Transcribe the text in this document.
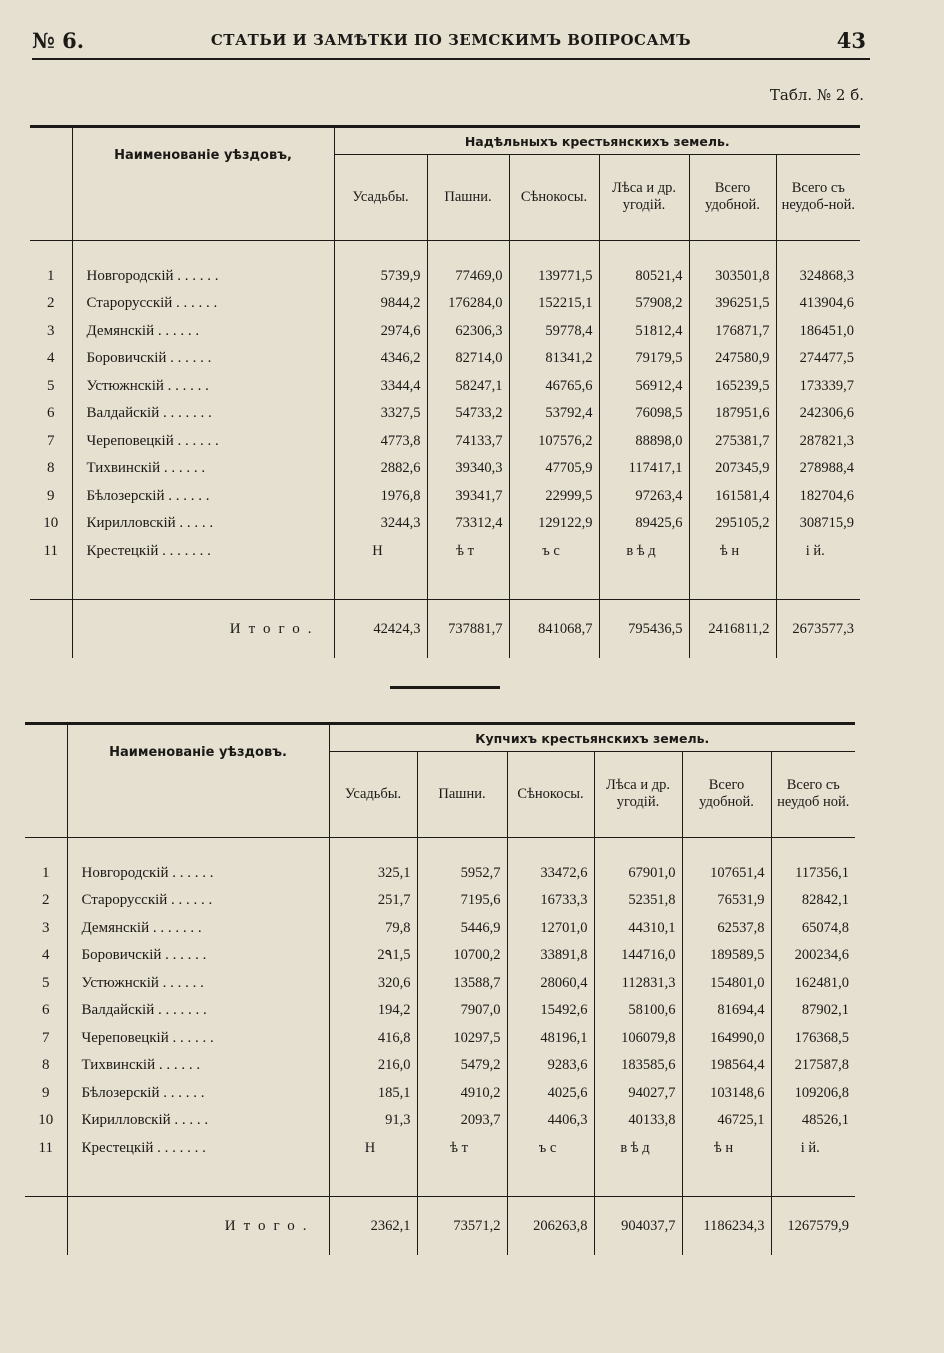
№ 6.	СТАТЬИ И ЗАМѢТКИ ПО ЗЕМСКИМЪ ВОПРОСАМЪ	43
Табл. № 2 б.
	Наименованіе уѣздовъ,	Надѣльныхъ крестьянскихъ земель.					
		Усадьбы.	Пашни.	Сѣнокосы.	Лѣса и др. угодій.	Всего удобной.	Всего съ неудоб-ной.

1	Новгородскій . . . . . .	5739,9	77469,0	139771,5	80521,4	303501,8	324868,3
2	Старорусскій . . . . . .	9844,2	176284,0	152215,1	57908,2	396251,5	413904,6
3	Демянскій . . . . . .	2974,6	62306,3	59778,4	51812,4	176871,7	186451,0
4	Боровичскій . . . . . .	4346,2	82714,0	81341,2	79179,5	247580,9	274477,5
5	Устюжнскій . . . . . .	3344,4	58247,1	46765,6	56912,4	165239,5	173339,7
6	Валдайскій . . . . . . .	3327,5	54733,2	53792,4	76098,5	187951,6	242306,6
7	Череповецкій . . . . . .	4773,8	74133,7	107576,2	88898,0	275381,7	287821,3
8	Тихвинскій . . . . . .	2882,6	39340,3	47705,9	117417,1	207345,9	278988,4
9	Бѣлозерскій . . . . . .	1976,8	39341,7	22999,5	97263,4	161581,4	182704,6
10	Кирилловскій . . . . .	3244,3	73312,4	129122,9	89425,6	295105,2	308715,9
11	Крестецкій . . . . . . .	Н	ѣ т	ъ с	в ѣ д	ѣ н	і й.

	Итого.	42424,3	737881,7	841068,7	795436,5	2416811,2	2673577,3
	Наименованіе уѣздовъ.	Купчихъ крестьянскихъ земель.					
		Усадьбы.	Пашни.	Сѣнокосы.	Лѣса и др. угодій.	Всего удобной.	Всего съ неудоб ной.

1	Новгородскій . . . . . .	325,1	5952,7	33472,6	67901,0	107651,4	117356,1
2	Старорусскій . . . . . .	251,7	7195,6	16733,3	52351,8	76531,9	82842,1
3	Демянскій . . . . . . .	79,8	5446,9	12701,0	44310,1	62537,8	65074,8
4	Боровичскій . . . . . .	2٩1,5	10700,2	33891,8	144716,0	189589,5	200234,6
5	Устюжнскій . . . . . .	320,6	13588,7	28060,4	112831,3	154801,0	162481,0
6	Валдайскій . . . . . . .	194,2	7907,0	15492,6	58100,6	81694,4	87902,1
7	Череповецкій . . . . . .	416,8	10297,5	48196,1	106079,8	164990,0	176368,5
8	Тихвинскій . . . . . .	216,0	5479,2	9283,6	183585,6	198564,4	217587,8
9	Бѣлозерскій . . . . . .	185,1	4910,2	4025,6	94027,7	103148,6	109206,8
10	Кирилловскій . . . . .	91,3	2093,7	4406,3	40133,8	46725,1	48526,1
11	Крестецкій . . . . . . .	Н	ѣ т	ъ с	в ѣ д	ѣ н	і й.

	Итого.	2362,1	73571,2	206263,8	904037,7	1186234,3	1267579,9
